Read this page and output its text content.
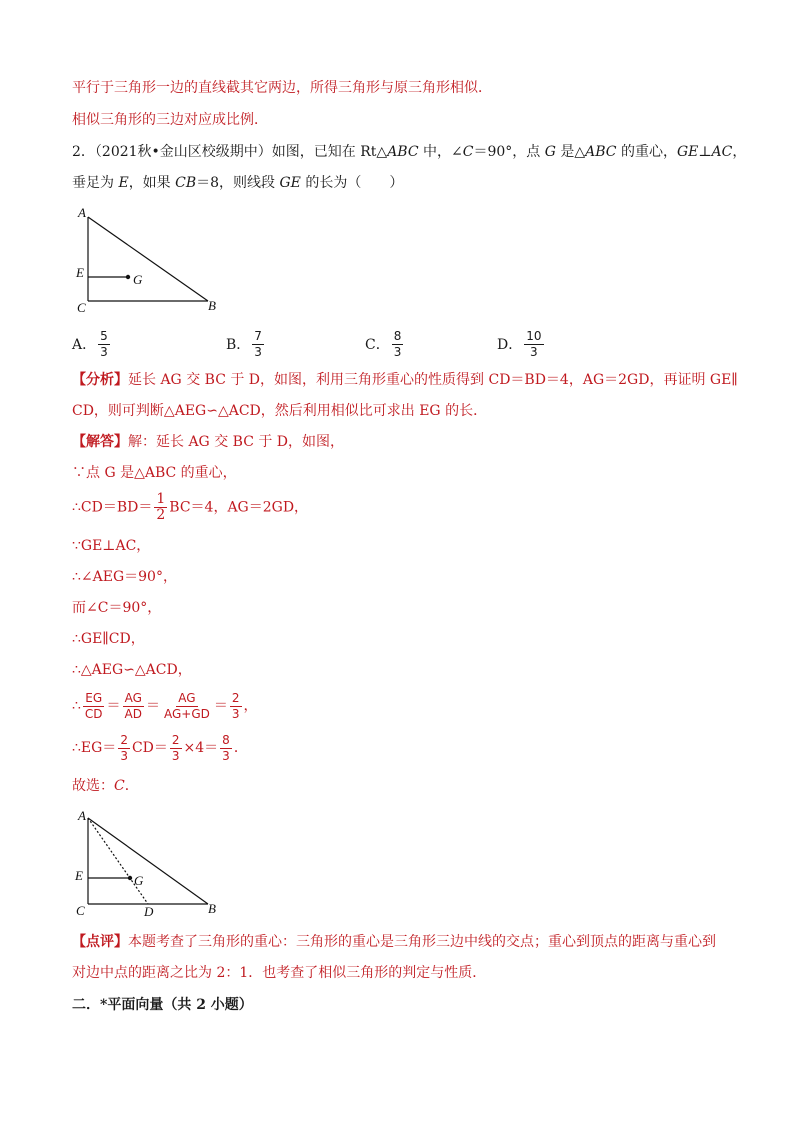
平行于三角形一边的直线截其它两边，所得三角形与原三角形相似．
相似三角形的三边对应成比例．
2．（2021秋•金山区校级期中）如图，已知在 Rt△ABC 中，∠C＝90°，点 G 是△ABC 的重心，GE⊥AC，
垂足为 E，如果 CB＝8，则线段 GE 的长为（　　）
A
E	G
C	B
A． $\frac{5}{3}$	B． $\frac{7}{3}$	C． $\frac{8}{3}$	D． $\frac{10}{3}$
【分析】延长 AG 交 BC 于 D，如图，利用三角形重心的性质得到 CD＝BD＝4，AG＝2GD，再证明 GE∥
CD，则可判断△AEG∽△ACD，然后利用相似比可求出 EG 的长．
【解答】解：延长 AG 交 BC 于 D，如图，
∵点 G 是△ABC 的重心，
∴CD＝BD＝ $\frac{1}{2} BC=4$，AG＝2GD，
∵GE⊥AC，
∴∠AEG＝90°，
而∠C＝90°，
∴GE∥CD，
∴△AEG∽△ACD，
∴ $\frac{EG}{CD} = \frac{AG}{AD} = \frac{AG}{AG+GD} = \frac{2}{3}$ ，
∴EG＝ $\frac{2}{3} CD= \frac{2}{3} \times 4= \frac{8}{3}$ ．
故选：C．
A
E	G
C	D	B
【点评】本题考查了三角形的重心：三角形的重心是三角形三边中线的交点；重心到顶点的距离与重心到
对边中点的距离之比为 2：1．也考查了相似三角形的判定与性质．
二．*平面向量（共 2 小题）
